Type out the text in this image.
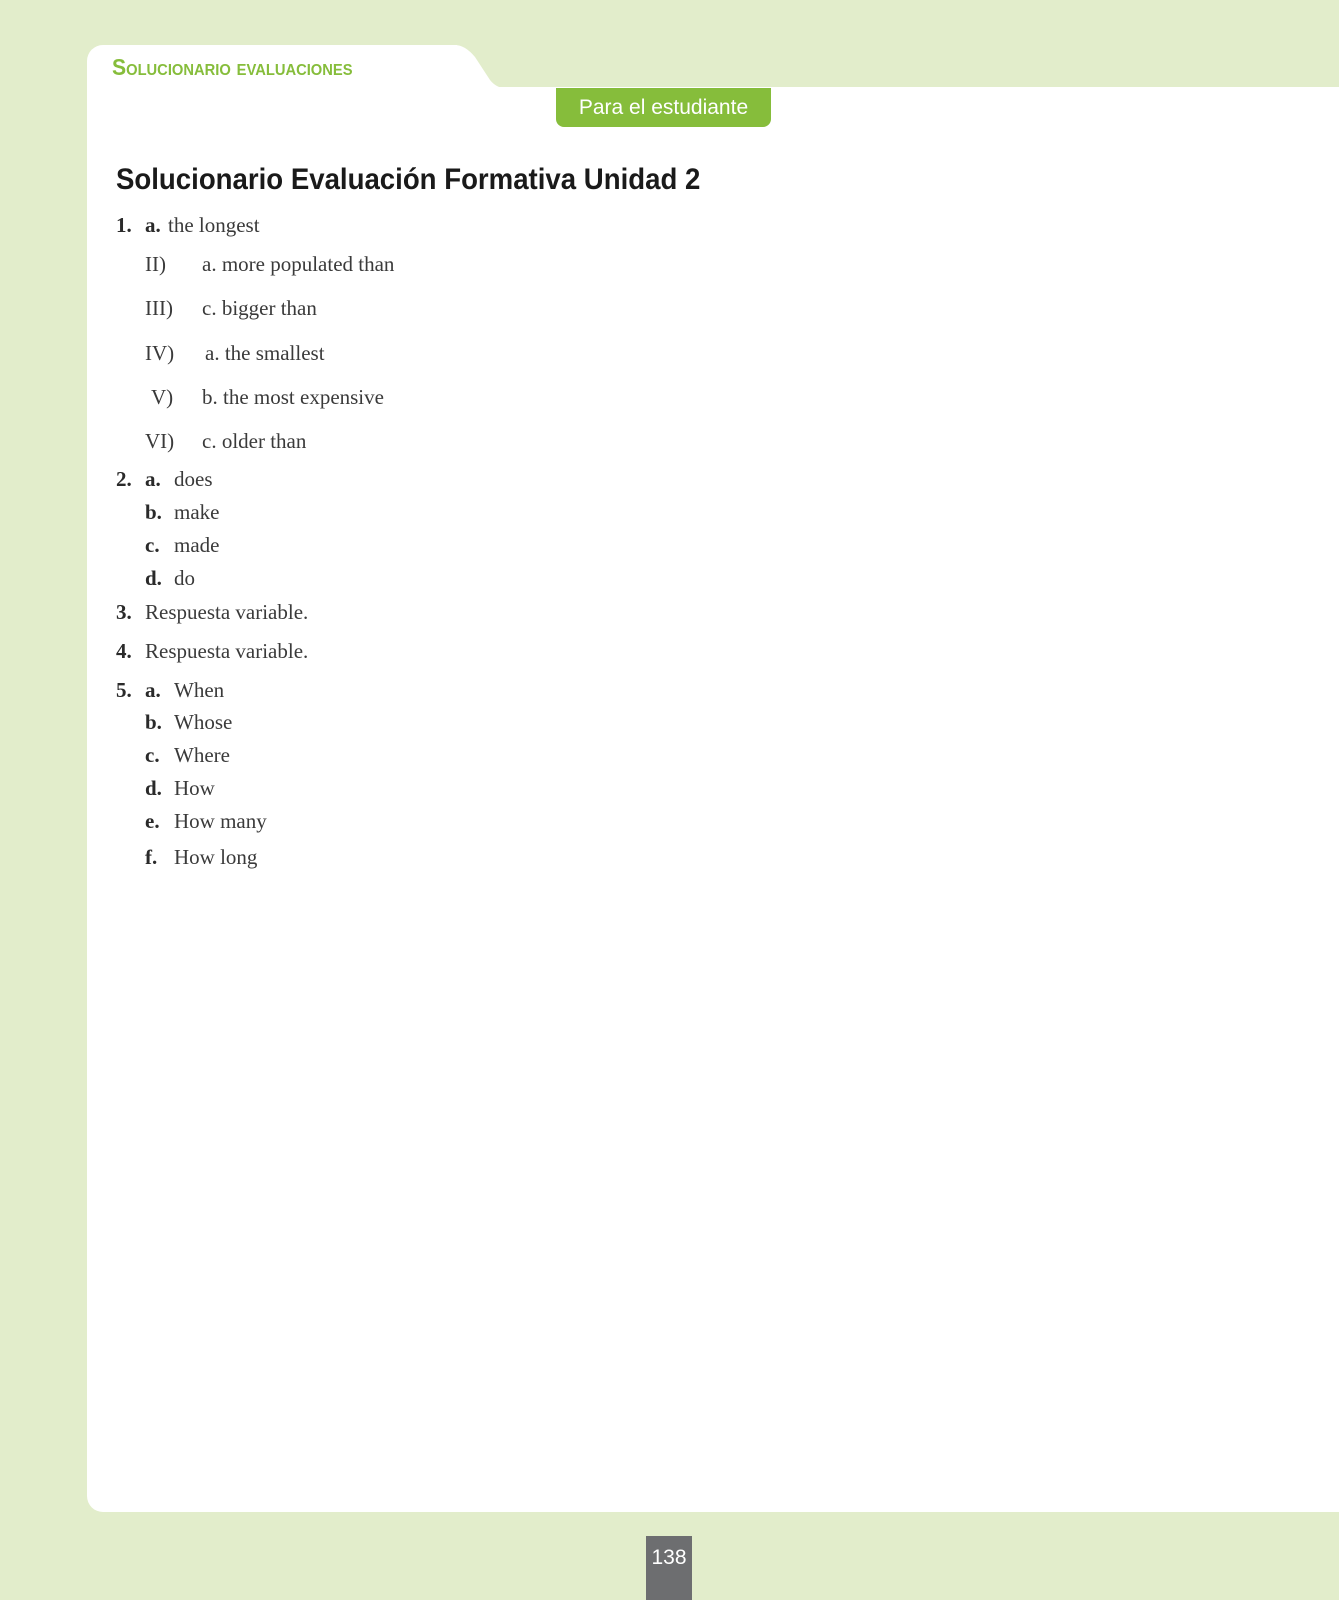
Solucionario evaluaciones
Para el estudiante
Solucionario Evaluación Formativa Unidad 2
1. a. the longest
II) a. more populated than
III) c. bigger than
IV) a. the smallest
V) b. the most expensive
VI) c. older than
2. a. does
b. make
c. made
d. do
3. Respuesta variable.
4. Respuesta variable.
5. a. When
b. Whose
c. Where
d. How
e. How many
f. How long
138
